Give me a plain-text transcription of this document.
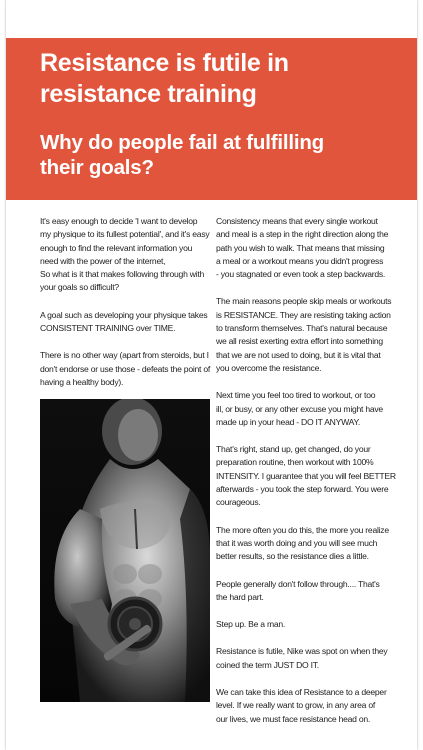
Resistance is futile in
resistance training
Why do people fail at fulfilling
their goals?

It's easy enough to decide 'I want to develop
my physique to its fullest potential', and it's easy
enough to find the relevant information you
need with the power of the internet,
So what is it that makes following through with
your goals so difficult?

A goal such as developing your physique takes
CONSISTENT TRAINING over TIME.

There is no other way (apart from steroids, but I
don't endorse or use those - defeats the point of
having a healthy body).

Consistency means that every single workout
and meal is a step in the right direction along the
path you wish to walk. That means that missing
a meal or a workout means you didn't progress
- you stagnated or even took a step backwards.

The main reasons people skip meals or workouts
is RESISTANCE. They are resisting taking action
to transform themselves. That's natural because
we all resist exerting extra effort into something
that we are not used to doing, but it is vital that
you overcome the resistance.

Next time you feel too tired to workout, or too
ill, or busy, or any other excuse you might have
made up in your head - DO IT ANYWAY.

That's right, stand up, get changed, do your
preparation routine, then workout with 100%
INTENSITY. I guarantee that you will feel BETTER
afterwards - you took the step forward. You were
courageous.

The more often you do this, the more you realize
that it was worth doing and you will see much
better results, so the resistance dies a little.

People generally don't follow through.... That's
the hard part.

Step up. Be a man.

Resistance is futile, Nike was spot on when they
coined the term JUST DO IT.

We can take this idea of Resistance to a deeper
level. If we really want to grow, in any area of
our lives, we must face resistance head on.
